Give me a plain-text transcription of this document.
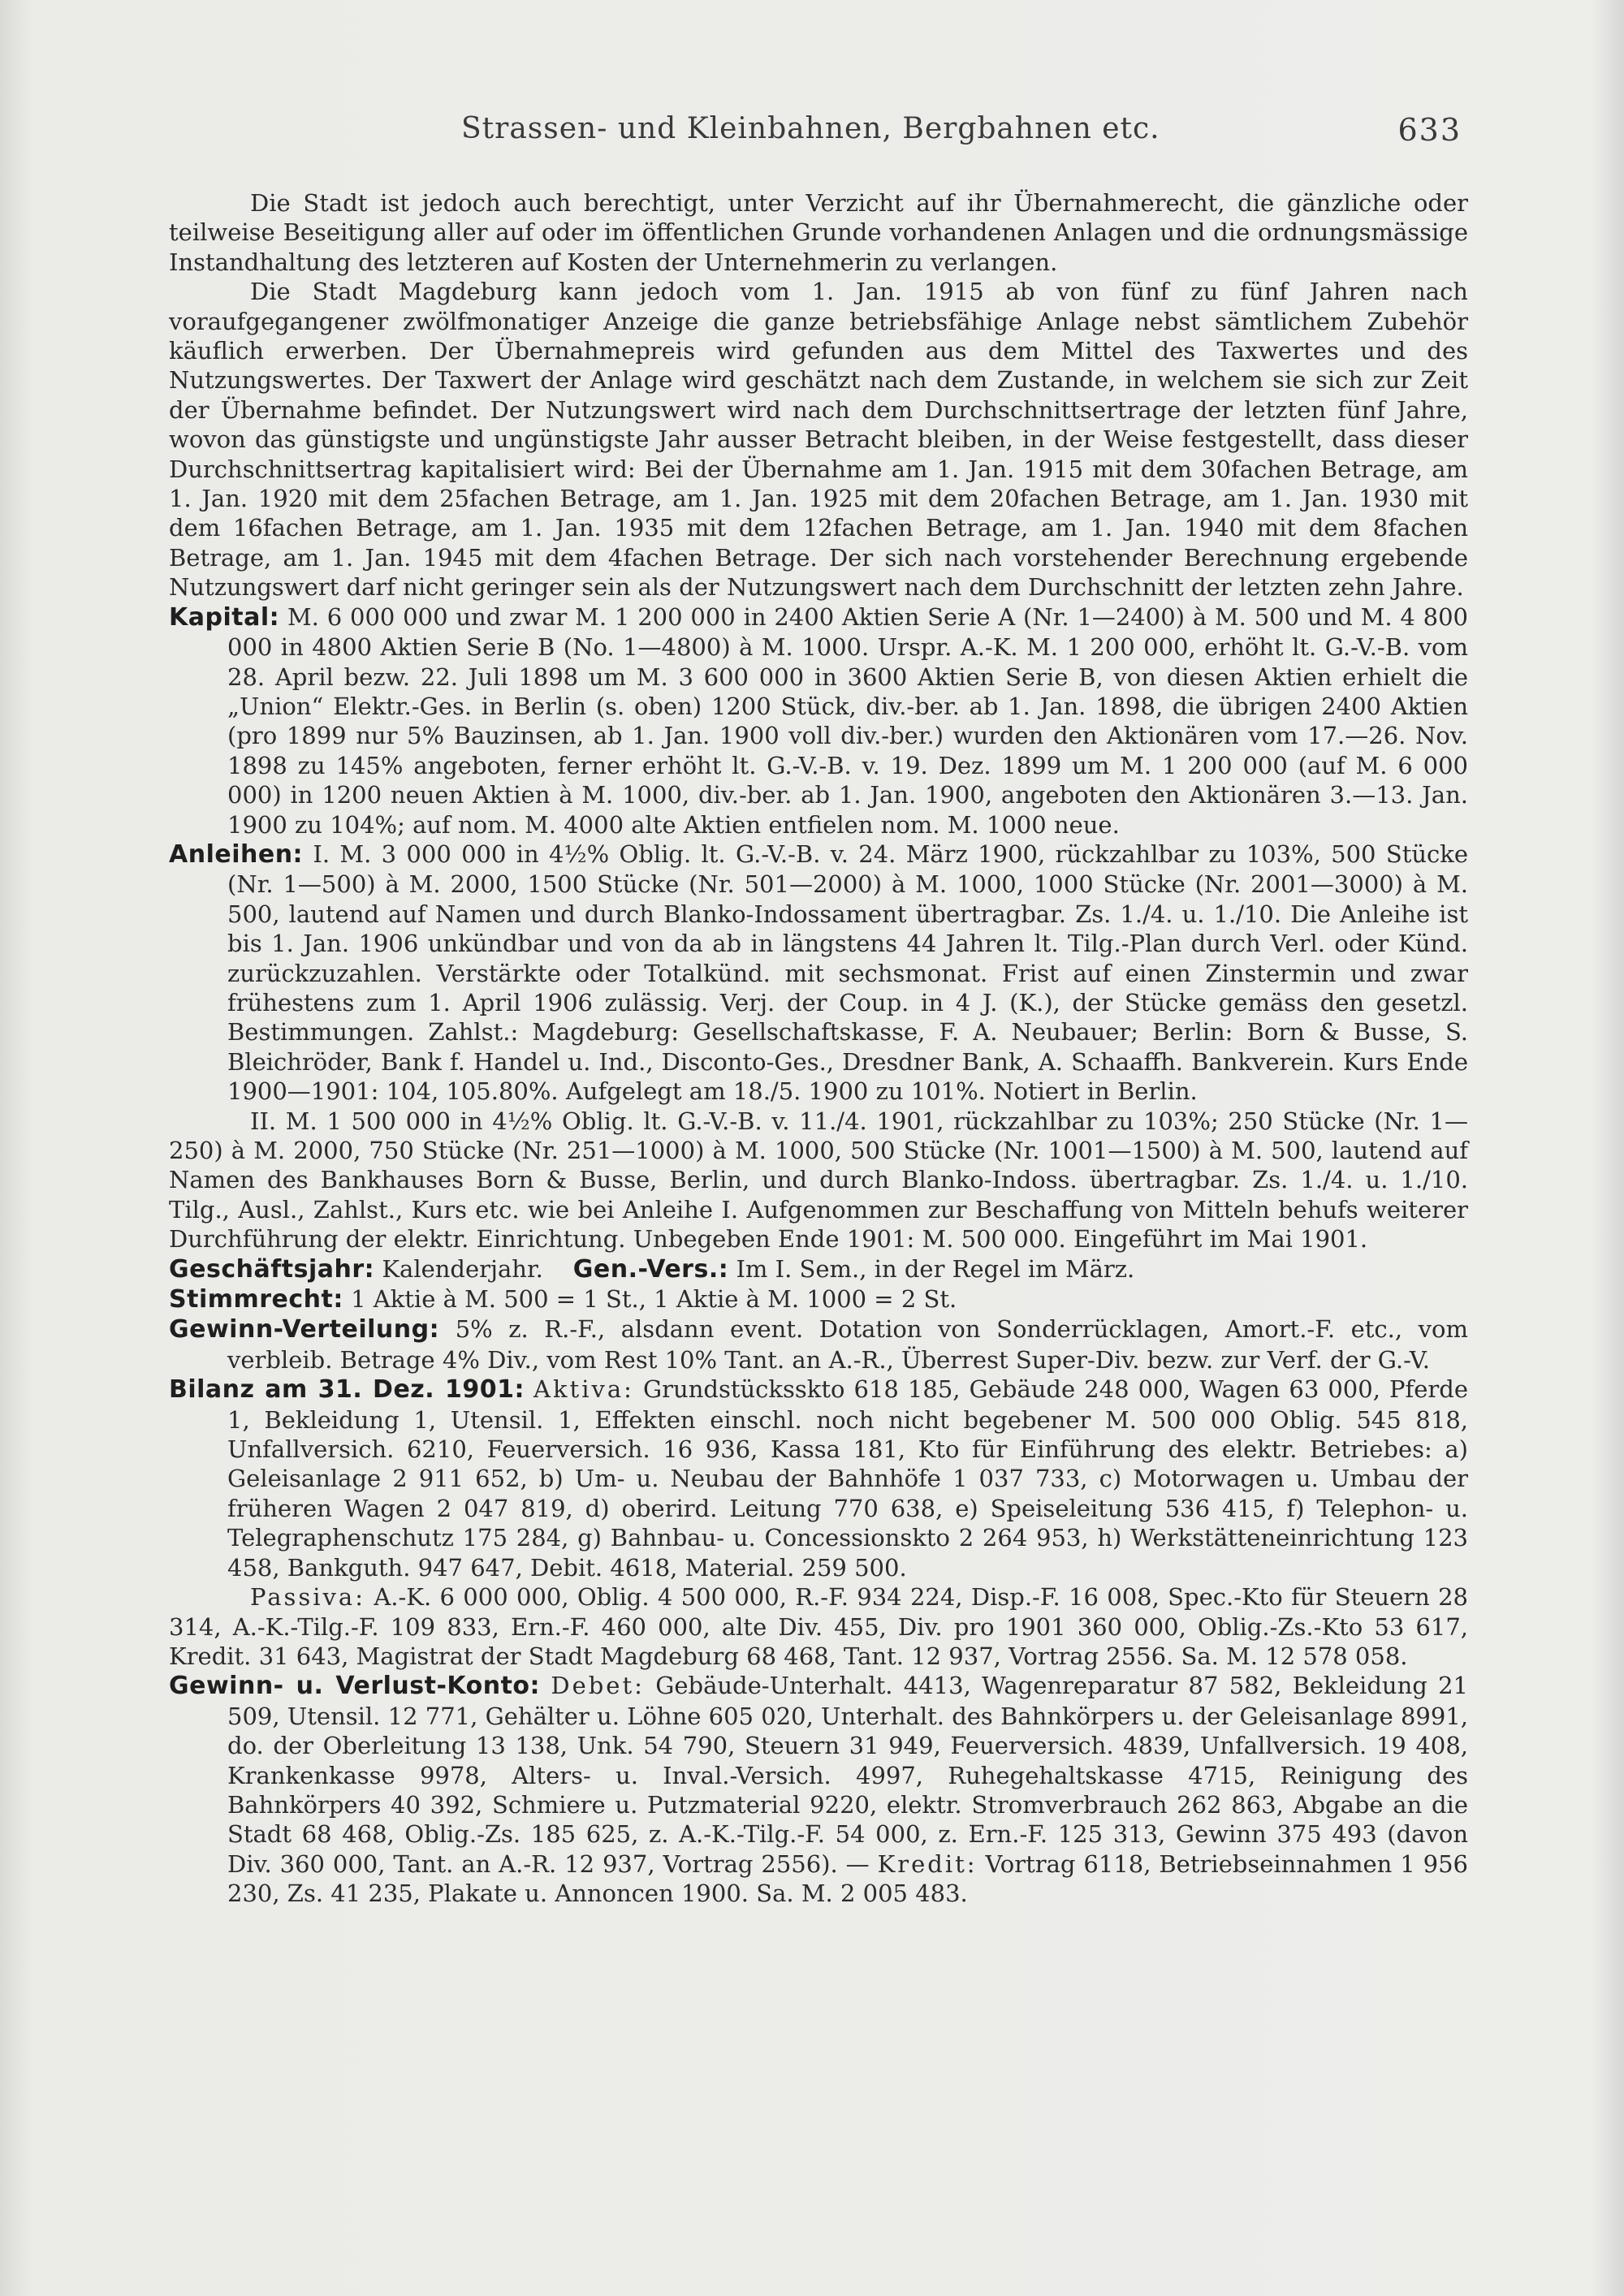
Strassen- und Kleinbahnen, Bergbahnen etc.	633

Die Stadt ist jedoch auch berechtigt, unter Verzicht auf ihr Übernahmerecht, die gänzliche oder teilweise Beseitigung aller auf oder im öffentlichen Grunde vorhandenen Anlagen und die ordnungsmässige Instandhaltung des letzteren auf Kosten der Unternehmerin zu verlangen.

Die Stadt Magdeburg kann jedoch vom 1. Jan. 1915 ab von fünf zu fünf Jahren nach voraufgegangener zwölfmonatiger Anzeige die ganze betriebsfähige Anlage nebst sämtlichem Zubehör käuflich erwerben. Der Übernahmepreis wird gefunden aus dem Mittel des Taxwertes und des Nutzungswertes. Der Taxwert der Anlage wird geschätzt nach dem Zustande, in welchem sie sich zur Zeit der Übernahme befindet. Der Nutzungswert wird nach dem Durchschnittsertrage der letzten fünf Jahre, wovon das günstigste und ungünstigste Jahr ausser Betracht bleiben, in der Weise festgestellt, dass dieser Durchschnittsertrag kapitalisiert wird: Bei der Übernahme am 1. Jan. 1915 mit dem 30fachen Betrage, am 1. Jan. 1920 mit dem 25fachen Betrage, am 1. Jan. 1925 mit dem 20fachen Betrage, am 1. Jan. 1930 mit dem 16fachen Betrage, am 1. Jan. 1935 mit dem 12fachen Betrage, am 1. Jan. 1940 mit dem 8fachen Betrage, am 1. Jan. 1945 mit dem 4fachen Betrage. Der sich nach vorstehender Berechnung ergebende Nutzungswert darf nicht geringer sein als der Nutzungswert nach dem Durchschnitt der letzten zehn Jahre.

Kapital: M. 6 000 000 und zwar M. 1 200 000 in 2400 Aktien Serie A (Nr. 1—2400) à M. 500 und M. 4 800 000 in 4800 Aktien Serie B (No. 1—4800) à M. 1000. Urspr. A.-K. M. 1 200 000, erhöht lt. G.-V.-B. vom 28. April bezw. 22. Juli 1898 um M. 3 600 000 in 3600 Aktien Serie B, von diesen Aktien erhielt die „Union“ Elektr.-Ges. in Berlin (s. oben) 1200 Stück, div.-ber. ab 1. Jan. 1898, die übrigen 2400 Aktien (pro 1899 nur 5% Bauzinsen, ab 1. Jan. 1900 voll div.-ber.) wurden den Aktionären vom 17.—26. Nov. 1898 zu 145% angeboten, ferner erhöht lt. G.-V.-B. v. 19. Dez. 1899 um M. 1 200 000 (auf M. 6 000 000) in 1200 neuen Aktien à M. 1000, div.-ber. ab 1. Jan. 1900, angeboten den Aktionären 3.—13. Jan. 1900 zu 104%; auf nom. M. 4000 alte Aktien entfielen nom. M. 1000 neue.

Anleihen: I. M. 3 000 000 in 4½% Oblig. lt. G.-V.-B. v. 24. März 1900, rückzahlbar zu 103%, 500 Stücke (Nr. 1—500) à M. 2000, 1500 Stücke (Nr. 501—2000) à M. 1000, 1000 Stücke (Nr. 2001—3000) à M. 500, lautend auf Namen und durch Blanko-Indossament übertragbar. Zs. 1./4. u. 1./10. Die Anleihe ist bis 1. Jan. 1906 unkündbar und von da ab in längstens 44 Jahren lt. Tilg.-Plan durch Verl. oder Künd. zurückzuzahlen. Verstärkte oder Totalkünd. mit sechsmonat. Frist auf einen Zinstermin und zwar frühestens zum 1. April 1906 zulässig. Verj. der Coup. in 4 J. (K.), der Stücke gemäss den gesetzl. Bestimmungen. Zahlst.: Magdeburg: Gesellschaftskasse, F. A. Neubauer; Berlin: Born & Busse, S. Bleichröder, Bank f. Handel u. Ind., Disconto-Ges., Dresdner Bank, A. Schaaffh. Bankverein. Kurs Ende 1900—1901: 104, 105.80%. Aufgelegt am 18./5. 1900 zu 101%. Notiert in Berlin.

II. M. 1 500 000 in 4½% Oblig. lt. G.-V.-B. v. 11./4. 1901, rückzahlbar zu 103%; 250 Stücke (Nr. 1—250) à M. 2000, 750 Stücke (Nr. 251—1000) à M. 1000, 500 Stücke (Nr. 1001—1500) à M. 500, lautend auf Namen des Bankhauses Born & Busse, Berlin, und durch Blanko-Indoss. übertragbar. Zs. 1./4. u. 1./10. Tilg., Ausl., Zahlst., Kurs etc. wie bei Anleihe I. Aufgenommen zur Beschaffung von Mitteln behufs weiterer Durchführung der elektr. Einrichtung. Unbegeben Ende 1901: M. 500 000. Eingeführt im Mai 1901.

Geschäftsjahr: Kalenderjahr. Gen.-Vers.: Im I. Sem., in der Regel im März.

Stimmrecht: 1 Aktie à M. 500 = 1 St., 1 Aktie à M. 1000 = 2 St.

Gewinn-Verteilung: 5% z. R.-F., alsdann event. Dotation von Sonderrücklagen, Amort.-F. etc., vom verbleib. Betrage 4% Div., vom Rest 10% Tant. an A.-R., Überrest Super-Div. bezw. zur Verf. der G.-V.

Bilanz am 31. Dez. 1901: Aktiva: Grundstücksskto 618 185, Gebäude 248 000, Wagen 63 000, Pferde 1, Bekleidung 1, Utensil. 1, Effekten einschl. noch nicht begebener M. 500 000 Oblig. 545 818, Unfallversich. 6210, Feuerversich. 16 936, Kassa 181, Kto für Einführung des elektr. Betriebes: a) Geleisanlage 2 911 652, b) Um- u. Neubau der Bahnhöfe 1 037 733, c) Motorwagen u. Umbau der früheren Wagen 2 047 819, d) oberird. Leitung 770 638, e) Speiseleitung 536 415, f) Telephon- u. Telegraphenschutz 175 284, g) Bahnbau- u. Concessionskto 2 264 953, h) Werkstätteneinrichtung 123 458, Bankguth. 947 647, Debit. 4618, Material. 259 500.

Passiva: A.-K. 6 000 000, Oblig. 4 500 000, R.-F. 934 224, Disp.-F. 16 008, Spec.-Kto für Steuern 28 314, A.-K.-Tilg.-F. 109 833, Ern.-F. 460 000, alte Div. 455, Div. pro 1901 360 000, Oblig.-Zs.-Kto 53 617, Kredit. 31 643, Magistrat der Stadt Magdeburg 68 468, Tant. 12 937, Vortrag 2556. Sa. M. 12 578 058.

Gewinn- u. Verlust-Konto: Debet: Gebäude-Unterhalt. 4413, Wagenreparatur 87 582, Bekleidung 21 509, Utensil. 12 771, Gehälter u. Löhne 605 020, Unterhalt. des Bahnkörpers u. der Geleisanlage 8991, do. der Oberleitung 13 138, Unk. 54 790, Steuern 31 949, Feuerversich. 4839, Unfallversich. 19 408, Krankenkasse 9978, Alters- u. Inval.-Versich. 4997, Ruhegehaltskasse 4715, Reinigung des Bahnkörpers 40 392, Schmiere u. Putzmaterial 9220, elektr. Stromverbrauch 262 863, Abgabe an die Stadt 68 468, Oblig.-Zs. 185 625, z. A.-K.-Tilg.-F. 54 000, z. Ern.-F. 125 313, Gewinn 375 493 (davon Div. 360 000, Tant. an A.-R. 12 937, Vortrag 2556). — Kredit: Vortrag 6118, Betriebseinnahmen 1 956 230, Zs. 41 235, Plakate u. Annoncen 1900. Sa. M. 2 005 483.
